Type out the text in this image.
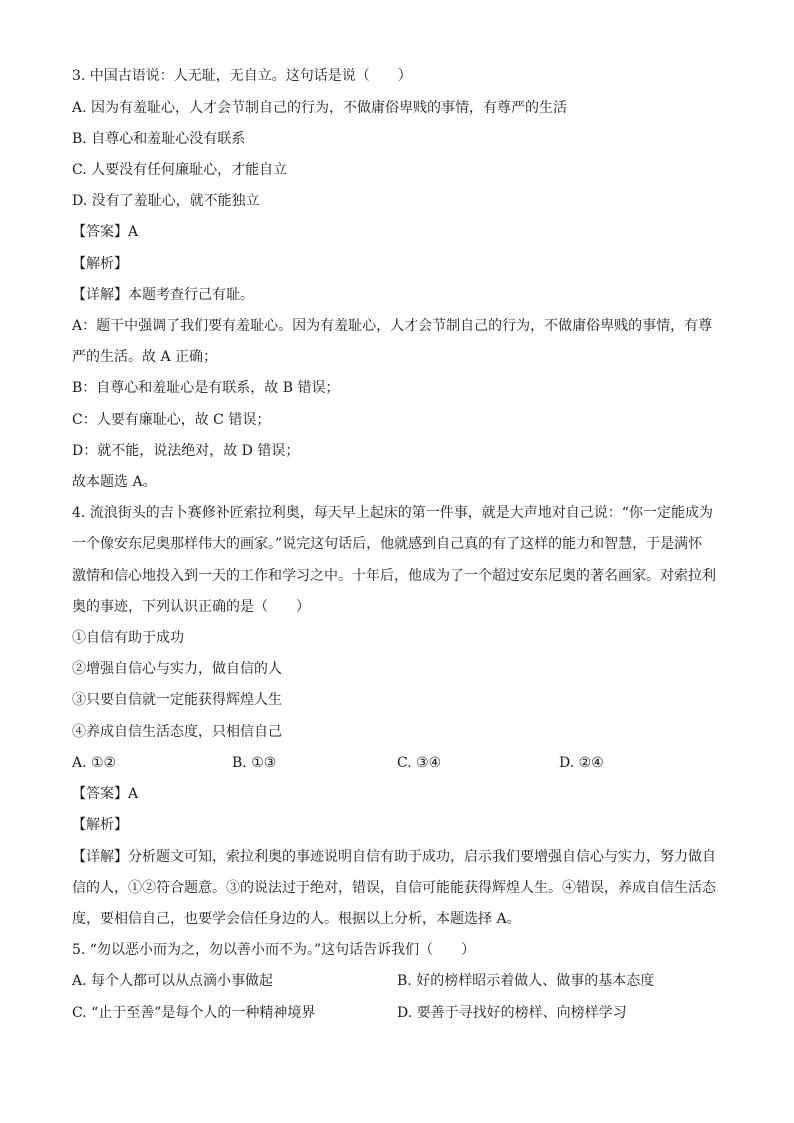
3. 中国古语说：人无耻，无自立。这句话是说（　　）
A. 因为有羞耻心，人才会节制自己的行为，不做庸俗卑贱的事情，有尊严的生活
B. 自尊心和羞耻心没有联系
C. 人要没有任何廉耻心，才能自立
D. 没有了羞耻心，就不能独立
【答案】A
【解析】
【详解】本题考查行己有耻。
A：题干中强调了我们要有羞耻心。因为有羞耻心，人才会节制自己的行为，不做庸俗卑贱的事情，有尊
严的生活。故 A 正确；
B：自尊心和羞耻心是有联系，故 B 错误；
C：人要有廉耻心，故 C 错误；
D：就不能，说法绝对，故 D 错误；
故本题选 A。
4. 流浪街头的吉卜赛修补匠索拉利奥，每天早上起床的第一件事，就是大声地对自己说：“你一定能成为
一个像安东尼奥那样伟大的画家。”说完这句话后，他就感到自己真的有了这样的能力和智慧，于是满怀
激情和信心地投入到一天的工作和学习之中。十年后，他成为了一个超过安东尼奥的著名画家。对索拉利
奥的事迹，下列认识正确的是（　　）
①自信有助于成功
②增强自信心与实力，做自信的人
③只要自信就一定能获得辉煌人生
④养成自信生活态度，只相信自己
A. ①②	B. ①③	C. ③④	D. ②④
【答案】A
【解析】
【详解】分析题文可知，索拉利奥的事迹说明自信有助于成功，启示我们要增强自信心与实力，努力做自
信的人，①②符合题意。③的说法过于绝对，错误，自信可能能获得辉煌人生。④错误，养成自信生活态
度，要相信自己，也要学会信任身边的人。根据以上分析，本题选择 A。
5. “勿以恶小而为之，勿以善小而不为。”这句话告诉我们（　　）
A. 每个人都可以从点滴小事做起	B. 好的榜样昭示着做人、做事的基本态度
C. “止于至善”是每个人的一种精神境界	D. 要善于寻找好的榜样、向榜样学习
